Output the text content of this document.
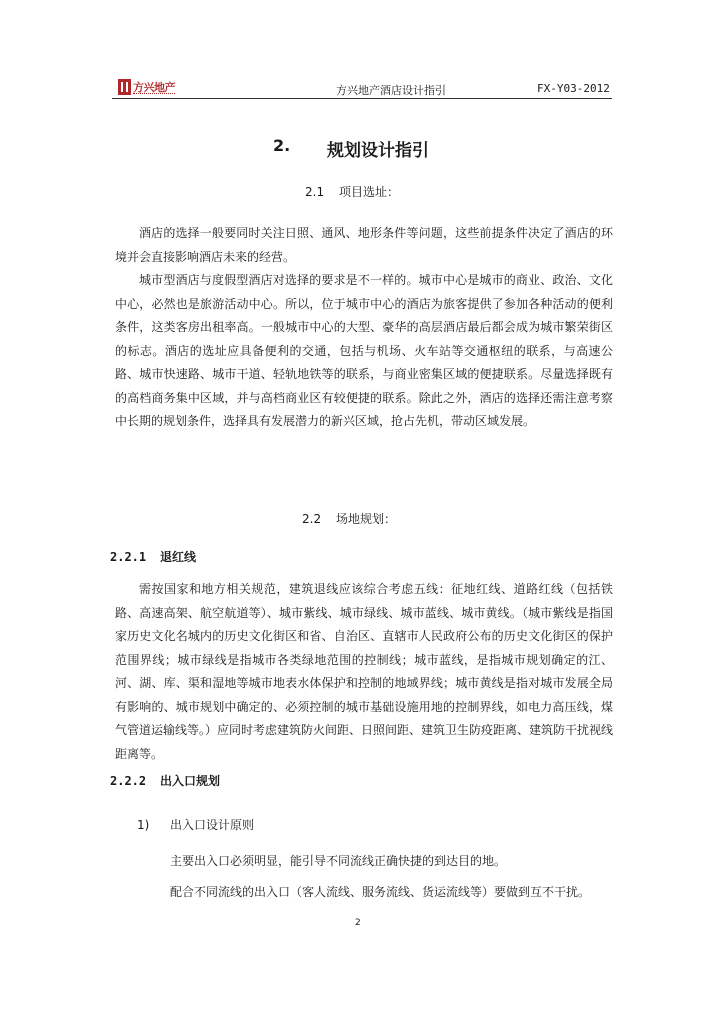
方兴地产	方兴地产酒店设计指引	FX-Y03-2012
2. 规划设计指引
2.1 项目选址：
酒店的选择一般要同时关注日照、通风、地形条件等问题，这些前提条件决定了酒店的环境并会直接影响酒店未来的经营。
城市型酒店与度假型酒店对选择的要求是不一样的。城市中心是城市的商业、政治、文化中心，必然也是旅游活动中心。所以，位于城市中心的酒店为旅客提供了参加各种活动的便利条件，这类客房出租率高。一般城市中心的大型、豪华的高层酒店最后都会成为城市繁荣街区的标志。酒店的选址应具备便利的交通，包括与机场、火车站等交通枢纽的联系，与高速公路、城市快速路、城市干道、轻轨地铁等的联系，与商业密集区域的便捷联系。尽量选择既有的高档商务集中区域，并与高档商业区有较便捷的联系。除此之外，酒店的选择还需注意考察中长期的规划条件，选择具有发展潜力的新兴区域，抢占先机，带动区域发展。
2.2 场地规划：
2.2.1 退红线
需按国家和地方相关规范，建筑退线应该综合考虑五线：征地红线、道路红线（包括铁路、高速高架、航空航道等）、城市紫线、城市绿线、城市蓝线、城市黄线。（城市紫线是指国家历史文化名城内的历史文化街区和省、自治区、直辖市人民政府公布的历史文化街区的保护范围界线；城市绿线是指城市各类绿地范围的控制线；城市蓝线，是指城市规划确定的江、河、湖、库、渠和湿地等城市地表水体保护和控制的地域界线；城市黄线是指对城市发展全局有影响的、城市规划中确定的、必须控制的城市基础设施用地的控制界线，如电力高压线，煤气管道运输线等。）应同时考虑建筑防火间距、日照间距、建筑卫生防疫距离、建筑防干扰视线距离等。
2.2.2 出入口规划
1) 出入口设计原则
主要出入口必须明显，能引导不同流线正确快捷的到达目的地。
配合不同流线的出入口（客人流线、服务流线、货运流线等）要做到互不干扰。
2
